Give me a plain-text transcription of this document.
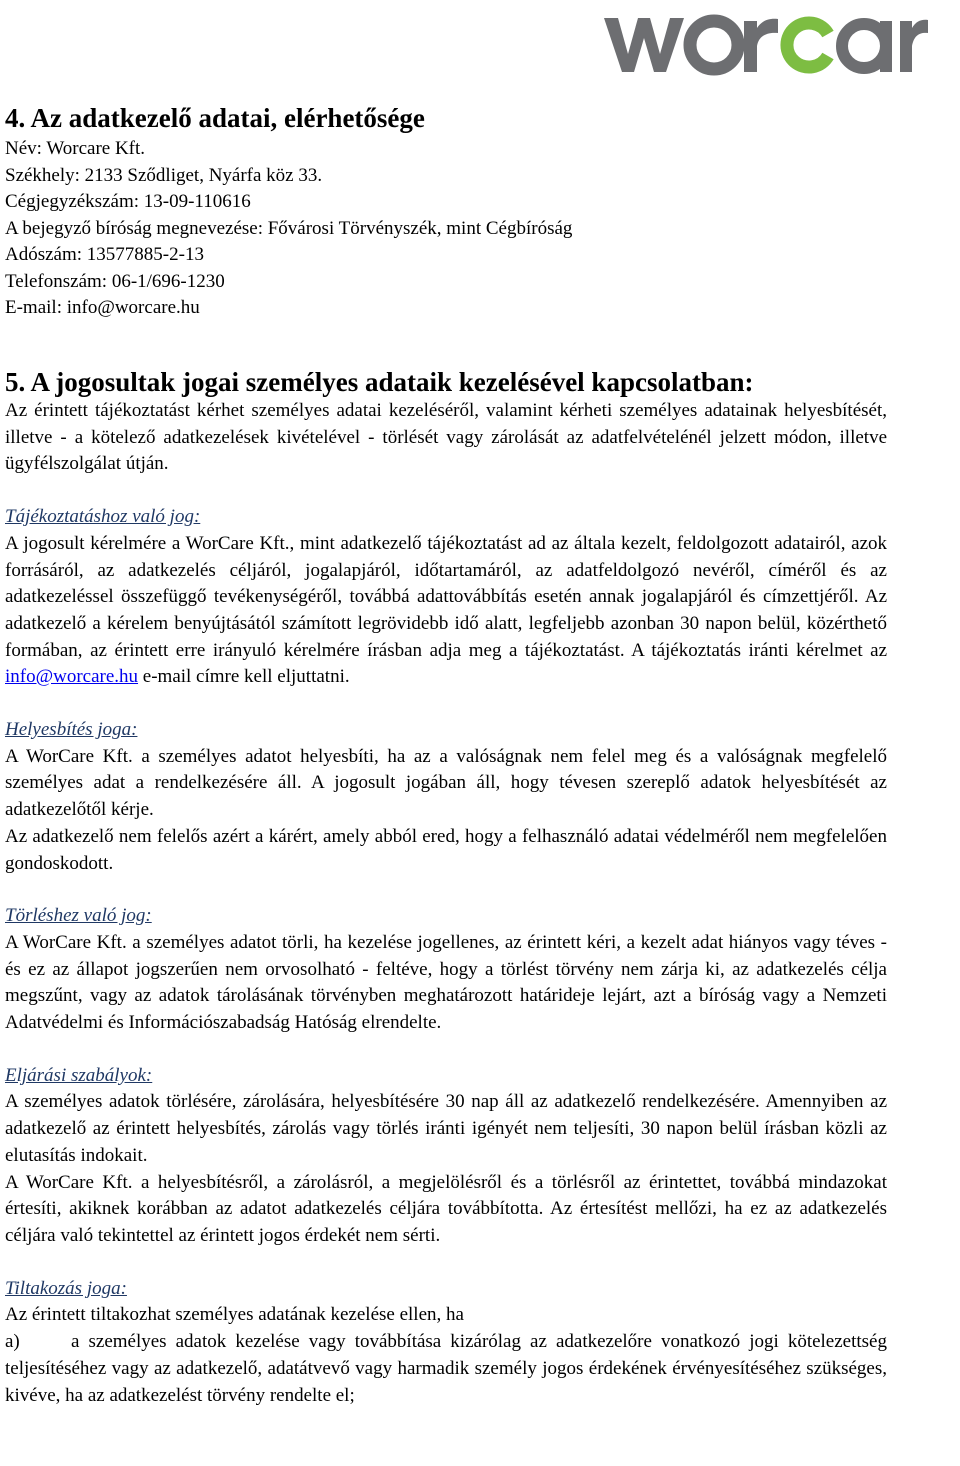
4. Az adatkezelő adatai, elérhetősége
Név: Worcare Kft.
Székhely: 2133 Sződliget, Nyárfa köz 33.
Cégjegyzékszám: 13-09-110616
A bejegyző bíróság megnevezése: Fővárosi Törvényszék, mint Cégbíróság
Adószám: 13577885-2-13
Telefonszám: 06-1/696-1230
E-mail: info@worcare.hu
5. A jogosultak jogai személyes adataik kezelésével kapcsolatban:

Az érintett tájékoztatást kérhet személyes adatai kezeléséről, valamint kérheti személyes adatainak helyesbítését, illetve - a kötelező adatkezelések kivételével - törlését vagy zárolását az adatfelvételénél jelzett módon, illetve ügyfélszolgálat útján.

Tájékoztatáshoz való jog:

A jogosult kérelmére a WorCare Kft., mint adatkezelő tájékoztatást ad az általa kezelt, feldolgozott adatairól, azok forrásáról, az adatkezelés céljáról, jogalapjáról, időtartamáról, az adatfeldolgozó nevéről, címéről és az adatkezeléssel összefüggő tevékenységéről, továbbá adattovábbítás esetén annak jogalapjáról és címzettjéről. Az adatkezelő a kérelem benyújtásától számított legrövidebb idő alatt, legfeljebb azonban 30 napon belül, közérthető formában, az érintett erre irányuló kérelmére írásban adja meg a tájékoztatást. A tájékoztatás iránti kérelmet az info@worcare.hu e-mail címre kell eljuttatni.

Helyesbítés joga:

A WorCare Kft. a személyes adatot helyesbíti, ha az a valóságnak nem felel meg és a valóságnak megfelelő személyes adat a rendelkezésére áll. A jogosult jogában áll, hogy tévesen szereplő adatok helyesbítését az adatkezelőtől kérje.

Az adatkezelő nem felelős azért a kárért, amely abból ered, hogy a felhasználó adatai védelméről nem megfelelően gondoskodott.

Törléshez való jog:

A WorCare Kft. a személyes adatot törli, ha kezelése jogellenes, az érintett kéri, a kezelt adat hiányos vagy téves - és ez az állapot jogszerűen nem orvosolható - feltéve, hogy a törlést törvény nem zárja ki, az adatkezelés célja megszűnt, vagy az adatok tárolásának törvényben meghatározott határideje lejárt, azt a bíróság vagy a Nemzeti Adatvédelmi és Információszabadság Hatóság elrendelte.

Eljárási szabályok:

A személyes adatok törlésére, zárolására, helyesbítésére 30 nap áll az adatkezelő rendelkezésére. Amennyiben az adatkezelő az érintett helyesbítés, zárolás vagy törlés iránti igényét nem teljesíti, 30 napon belül írásban közli az elutasítás indokait.

A WorCare Kft. a helyesbítésről, a zárolásról, a megjelölésről és a törlésről az érintettet, továbbá mindazokat értesíti, akiknek korábban az adatot adatkezelés céljára továbbította. Az értesítést mellőzi, ha ez az adatkezelés céljára való tekintettel az érintett jogos érdekét nem sérti.

Tiltakozás joga:

Az érintett tiltakozhat személyes adatának kezelése ellen, ha

a)	a személyes adatok kezelése vagy továbbítása kizárólag az adatkezelőre vonatkozó jogi kötelezettség teljesítéséhez vagy az adatkezelő, adatátvevő vagy harmadik személy jogos érdekének érvényesítéséhez szükséges, kivéve, ha az adatkezelést törvény rendelte el;
